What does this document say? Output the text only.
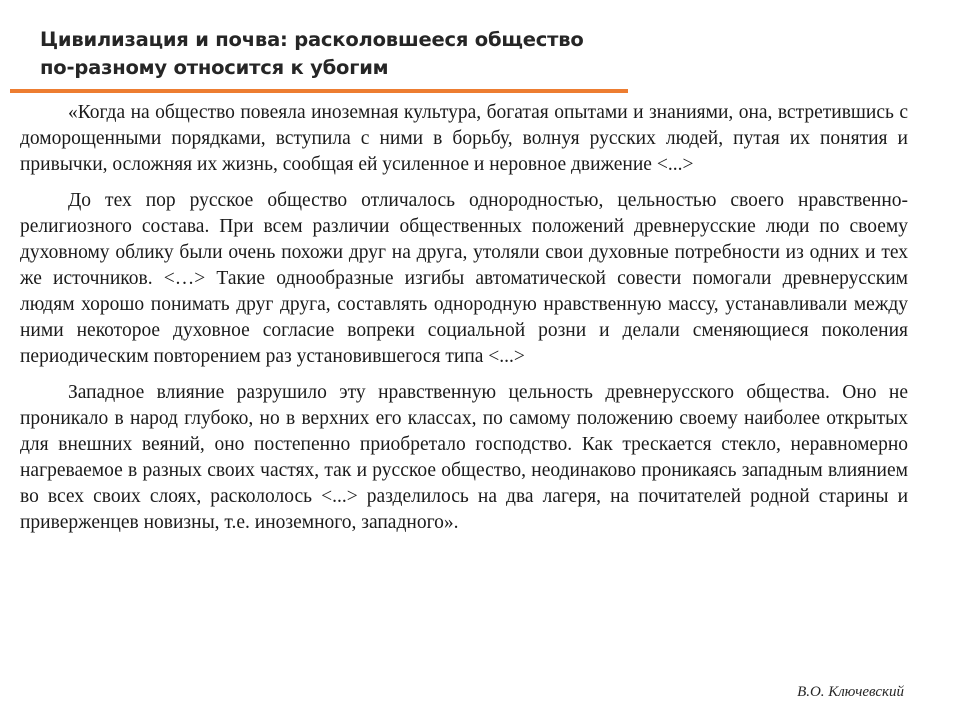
Цивилизация и почва: расколовшееся общество
по-разному относится к убогим

«Когда на общество повеяла иноземная культура, богатая опытами и знаниями, она, встретившись с доморощенными порядками, вступила с ними в борьбу, волнуя русских людей, путая их понятия и привычки, осложняя их жизнь, сообщая ей усиленное и неровное движение <...>

До тех пор русское общество отличалось однородностью, цельностью своего нравственно-религиозного состава. При всем различии общественных положений древнерусские люди по своему духовному облику были очень похожи друг на друга, утоляли свои духовные потребности из одних и тех же источников. <…> Такие однообразные изгибы автоматической совести помогали древнерусским людям хорошо понимать друг друга, составлять однородную нравственную массу, устанавливали между ними некоторое духовное согласие вопреки социальной розни и делали сменяющиеся поколения периодическим повторением раз установившегося типа <...>

Западное влияние разрушило эту нравственную цельность древнерусского общества. Оно не проникало в народ глубоко, но в верхних его классах, по самому положению своему наиболее открытых для внешних веяний, оно постепенно приобретало господство. Как трескается стекло, неравномерно нагреваемое в разных своих частях, так и русское общество, неодинаково проникаясь западным влиянием во всех своих слоях, раскололось <...> разделилось на два лагеря, на почитателей родной старины и приверженцев новизны, т.е. иноземного, западного».

В.О. Ключевский
